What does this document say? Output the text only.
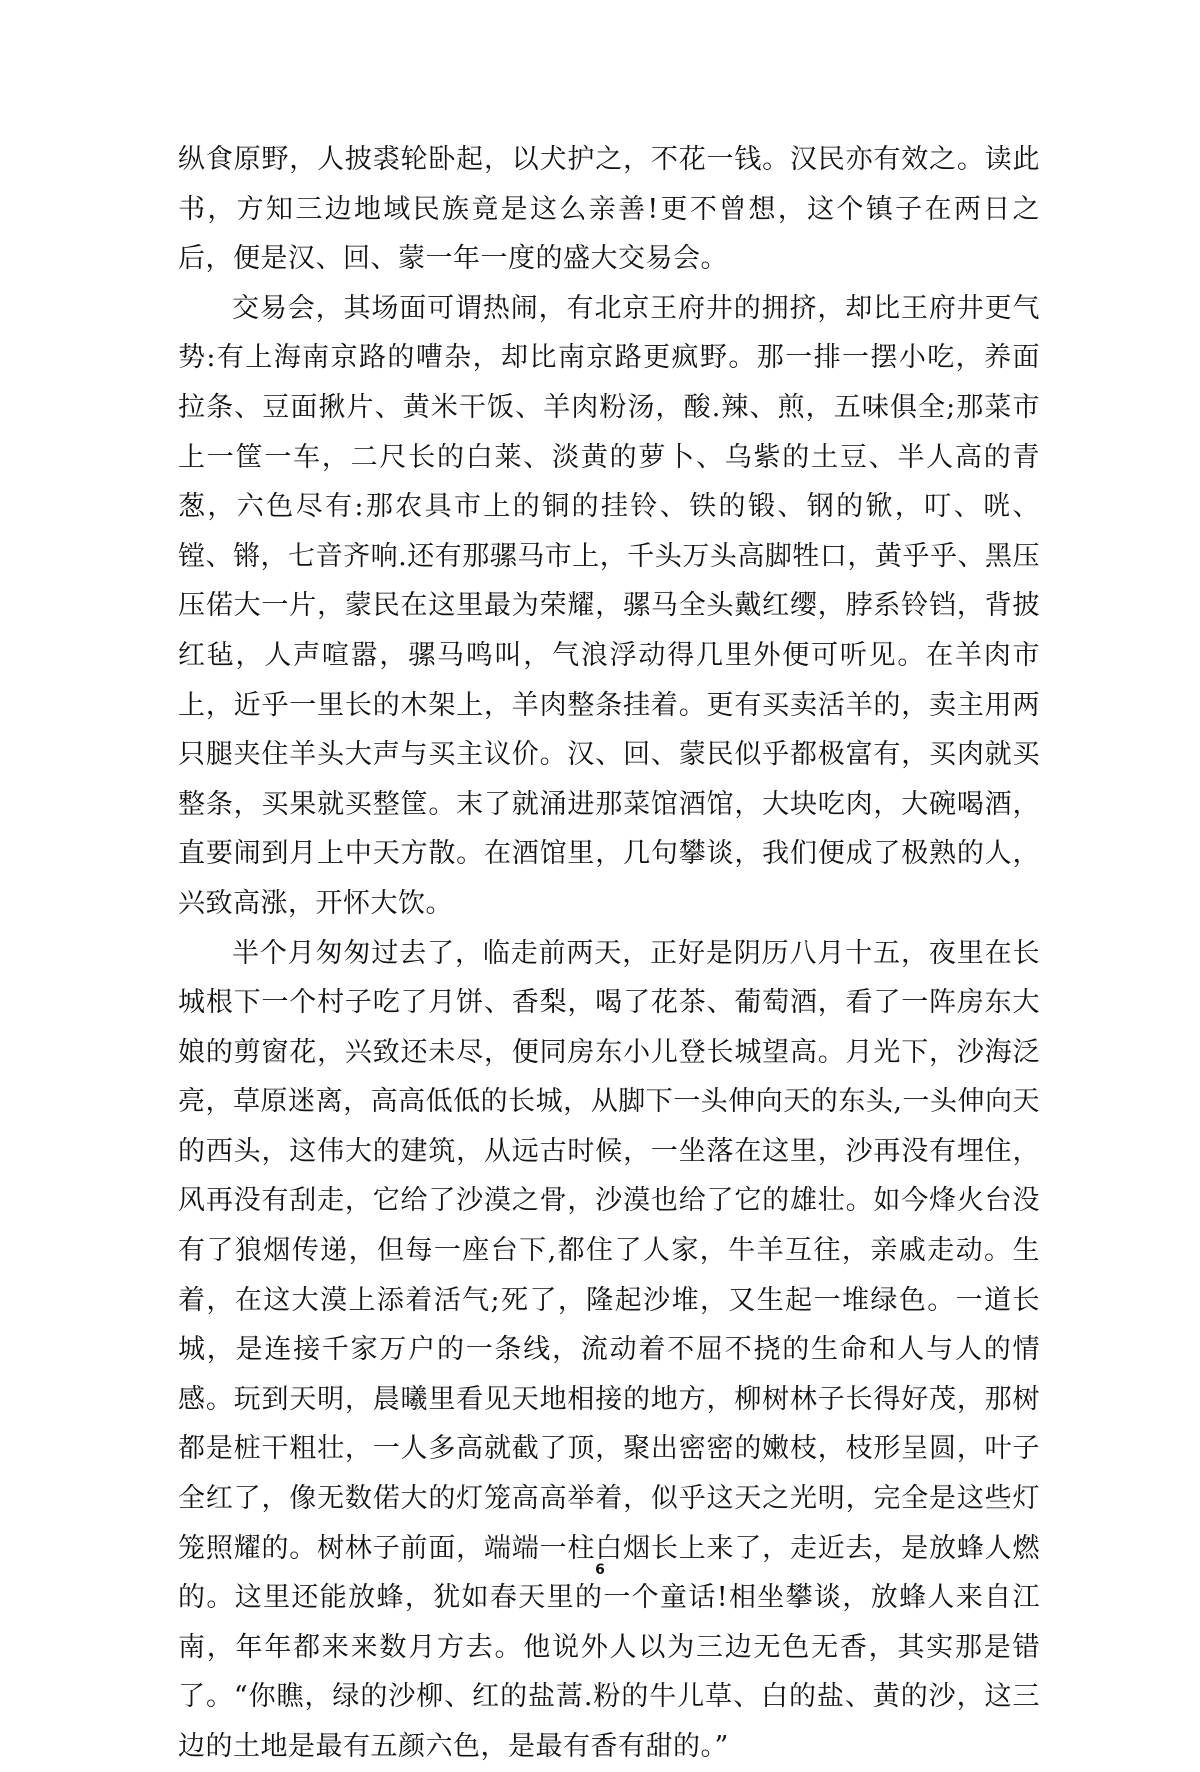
纵食原野，人披裘轮卧起，以犬护之，不花一钱。汉民亦有效之。读此书，方知三边地域民族竟是这么亲善!更不曾想，这个镇子在两日之后，便是汉、回、蒙一年一度的盛大交易会。

交易会，其场面可谓热闹，有北京王府井的拥挤，却比王府井更气势:有上海南京路的嘈杂，却比南京路更疯野。那一排一摆小吃，养面拉条、豆面揪片、黄米干饭、羊肉粉汤，酸.辣、煎，五味俱全;那菜市上一筐一车，二尺长的白莱、淡黄的萝卜、乌紫的土豆、半人高的青葱，六色尽有:那农具市上的铜的挂铃、铁的锻、钢的锨，叮、咣、镗、锵，七音齐响.还有那骡马市上，千头万头高脚牲口，黄乎乎、黑压压偌大一片，蒙民在这里最为荣耀，骡马全头戴红缨，脖系铃铛，背披红毡，人声喧嚣，骡马鸣叫，气浪浮动得几里外便可听见。在羊肉市上，近乎一里长的木架上，羊肉整条挂着。更有买卖活羊的，卖主用两只腿夹住羊头大声与买主议价。汉、回、蒙民似乎都极富有，买肉就买整条，买果就买整筐。末了就涌进那菜馆酒馆，大块吃肉，大碗喝酒，直要闹到月上中天方散。在酒馆里，几句攀谈，我们便成了极熟的人，兴致高涨，开怀大饮。

半个月匆匆过去了，临走前两天，正好是阴历八月十五，夜里在长城根下一个村子吃了月饼、香梨，喝了花茶、葡萄酒，看了一阵房东大娘的剪窗花，兴致还未尽，便同房东小儿登长城望高。月光下，沙海泛亮，草原迷离，高高低低的长城，从脚下一头伸向天的东头,一头伸向天的西头，这伟大的建筑，从远古时候，一坐落在这里，沙再没有埋住，风再没有刮走，它给了沙漠之骨，沙漠也给了它的雄壮。如今烽火台没有了狼烟传递，但每一座台下,都住了人家，牛羊互往，亲戚走动。生着，在这大漠上添着活气;死了，隆起沙堆，又生起一堆绿色。一道长城，是连接千家万户的一条线，流动着不屈不挠的生命和人与人的情感。玩到天明，晨曦里看见天地相接的地方，柳树林子长得好茂，那树都是桩干粗壮，一人多高就截了顶，聚出密密的嫩枝，枝形呈圆，叶子全红了，像无数偌大的灯笼高高举着，似乎这天之光明，完全是这些灯笼照耀的。树林子前面，端端一柱白烟长上来了，走近去，是放蜂人燃的。这里还能放蜂，犹如春天里的一个童话!相坐攀谈，放蜂人来自江南，年年都来来数月方去。他说外人以为三边无色无香，其实那是错了。“你瞧，绿的沙柳、红的盐蒿.粉的牛儿草、白的盐、黄的沙，这三边的土地是最有五颜六色，是最有香有甜的。”

6
